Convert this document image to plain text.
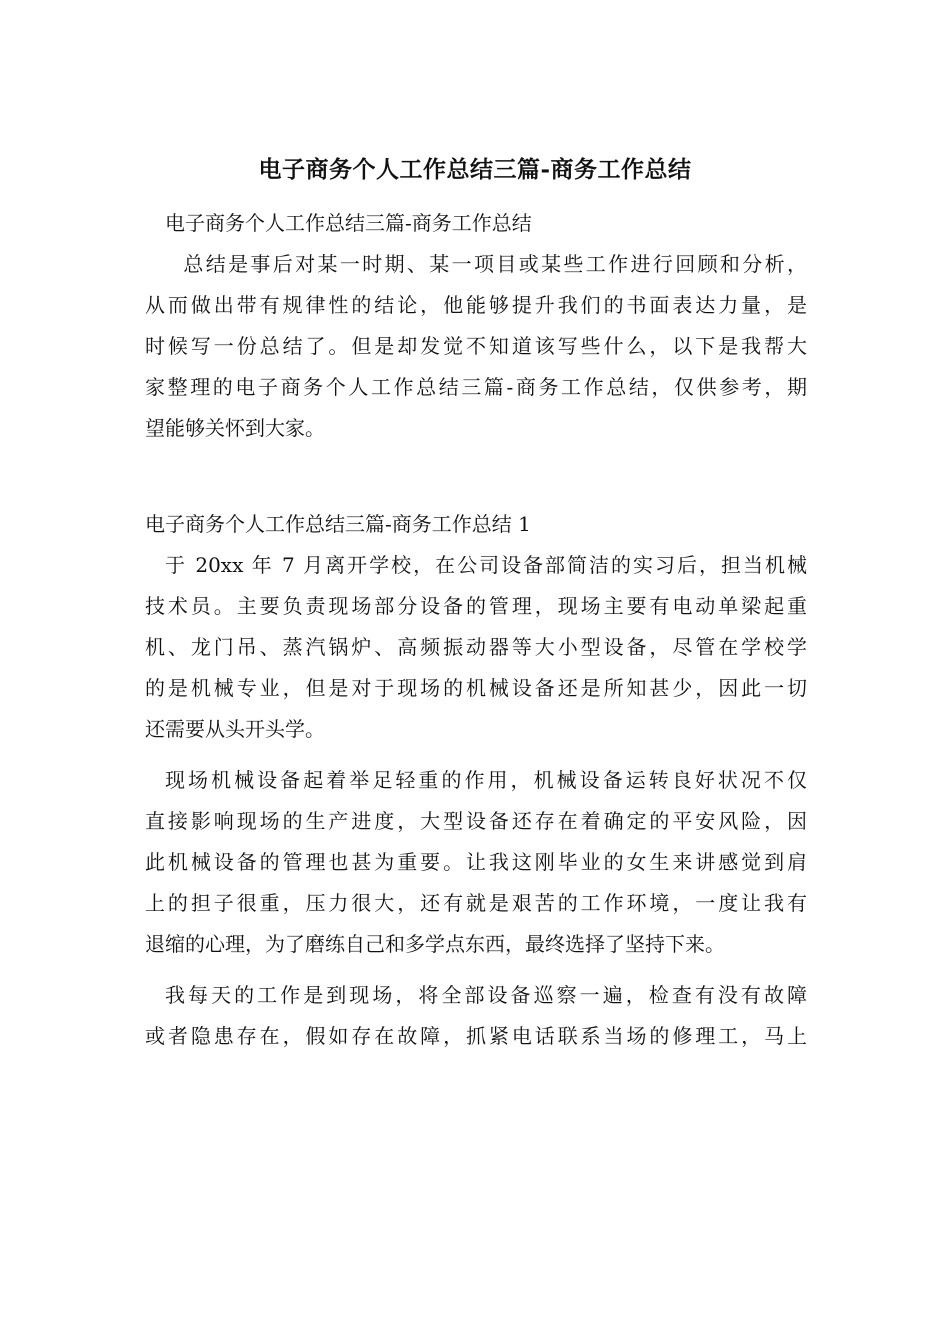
电子商务个人工作总结三篇-商务工作总结
电子商务个人工作总结三篇-商务工作总结
　总结是事后对某一时期、某一项目或某些工作进行回顾和分析，
从而做出带有规律性的结论，他能够提升我们的书面表达力量，是
时候写一份总结了。但是却发觉不知道该写些什么，以下是我帮大
家整理的电子商务个人工作总结三篇-商务工作总结，仅供参考，期
望能够关怀到大家。
电子商务个人工作总结三篇-商务工作总结 1
于 20xx 年 7 月离开学校，在公司设备部简洁的实习后，担当机械
技术员。主要负责现场部分设备的管理，现场主要有电动单梁起重
机、龙门吊、蒸汽锅炉、高频振动器等大小型设备，尽管在学校学
的是机械专业，但是对于现场的机械设备还是所知甚少，因此一切
还需要从头开头学。
现场机械设备起着举足轻重的作用，机械设备运转良好状况不仅
直接影响现场的生产进度，大型设备还存在着确定的平安风险，因
此机械设备的管理也甚为重要。让我这刚毕业的女生来讲感觉到肩
上的担子很重，压力很大，还有就是艰苦的工作环境，一度让我有
退缩的心理，为了磨练自己和多学点东西，最终选择了坚持下来。
我每天的工作是到现场，将全部设备巡察一遍，检查有没有故障
或者隐患存在，假如存在故障，抓紧电话联系当场的修理工，马上
